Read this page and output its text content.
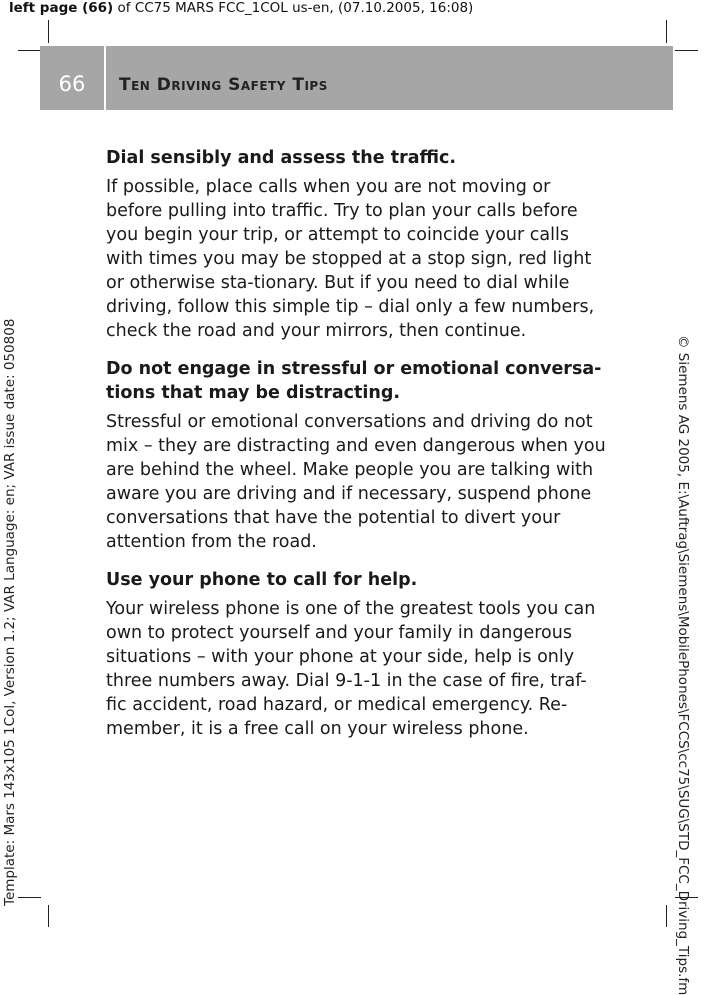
left page (66) of CC75 MARS FCC_1COL us-en, (07.10.2005, 16:08)
66	Ten Driving Safety Tips
Template: Mars 143x105 1Col, Version 1.2; VAR Language: en; VAR issue date: 050808	© Siemens AG 2005, E:\Auftrag\Siemens\MobilePhones\FCCS\cc75\SUG\STD_FCC_Driving_Tips.fm
Dial sensibly and assess the traffic.

If possible, place calls when you are not moving or before pulling into traffic. Try to plan your calls before you begin your trip, or attempt to coincide your calls with times you may be stopped at a stop sign, red light or otherwise sta-tionary. But if you need to dial while driving, follow this simple tip – dial only a few numbers, check the road and your mirrors, then continue.

Do not engage in stressful or emotional conversa-tions that may be distracting.

Stressful or emotional conversations and driving do not mix – they are distracting and even dangerous when you are behind the wheel. Make people you are talking with aware you are driving and if necessary, suspend phone conversations that have the potential to divert your attention from the road.

Use your phone to call for help.

Your wireless phone is one of the greatest tools you can own to protect yourself and your family in dangerous situations – with your phone at your side, help is only three numbers away. Dial 9-1-1 in the case of fire, traf-fic accident, road hazard, or medical emergency. Re-member, it is a free call on your wireless phone.
